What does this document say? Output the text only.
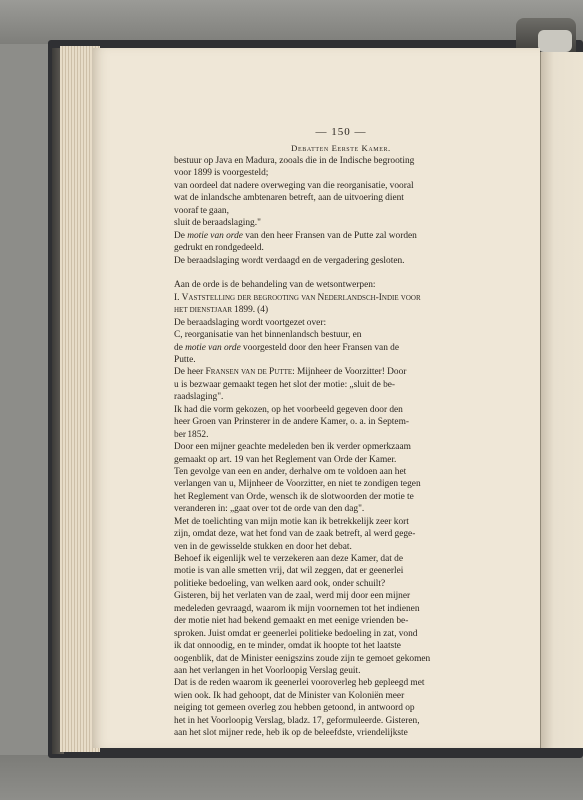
— 150 —
Debatten Eerste Kamer.
bestuur op Java en Madura, zooals die in de Indische begrooting
voor 1899 is voorgesteld;
van oordeel dat nadere overweging van die reorganisatie, vooral
wat de inlandsche ambtenaren betreft, aan de uitvoering dient
vooraf te gaan,
sluit de beraadslaging."
De motie van orde van den heer Fransen van de Putte zal worden
gedrukt en rondgedeeld.
De beraadslaging wordt verdaagd en de vergadering gesloten.
Aan de orde is de behandeling van de wetsontwerpen:
I. Vaststelling der begrooting van Nederlandsch-Indie voor
het dienstjaar 1899. (4)
De beraadslaging wordt voortgezet over:
C, reorganisatie van het binnenlandsch bestuur, en
de motie van orde voorgesteld door den heer Fransen van de
Putte.
De heer Fransen van de Putte: Mijnheer de Voorzitter! Door
u is bezwaar gemaakt tegen het slot der motie: „sluit de be-
raadslaging".
Ik had die vorm gekozen, op het voorbeeld gegeven door den
heer Groen van Prinsterer in de andere Kamer, o. a. in Septem-
ber 1852.
Door een mijner geachte medeleden ben ik verder opmerkzaam
gemaakt op art. 19 van het Reglement van Orde der Kamer.
Ten gevolge van een en ander, derhalve om te voldoen aan het
verlangen van u, Mijnheer de Voorzitter, en niet te zondigen tegen
het Reglement van Orde, wensch ik de slotwoorden der motie te
veranderen in: „gaat over tot de orde van den dag".
Met de toelichting van mijn motie kan ik betrekkelijk zeer kort
zijn, omdat deze, wat het fond van de zaak betreft, al werd gege-
ven in de gewisselde stukken en door het debat.
Behoef ik eigenlijk wel te verzekeren aan deze Kamer, dat de
motie is van alle smetten vrij, dat wil zeggen, dat er geenerlei
politieke bedoeling, van welken aard ook, onder schuilt?
Gisteren, bij het verlaten van de zaal, werd mij door een mijner
medeleden gevraagd, waarom ik mijn voornemen tot het indienen
der motie niet had bekend gemaakt en met eenige vrienden be-
sproken. Juist omdat er geenerlei politieke bedoeling in zat, vond
ik dat onnoodig, en te minder, omdat ik hoopte tot het laatste
oogenblik, dat de Minister eenigszins zoude zijn te gemoet gekomen
aan het verlangen in het Voorloopig Verslag geuit.
Dat is de reden waarom ik geenerlei vooroverleg heb gepleegd met
wien ook. Ik had gehoopt, dat de Minister van Koloniën meer
neiging tot gemeen overleg zou hebben getoond, in antwoord op
het in het Voorloopig Verslag, bladz. 17, geformuleerde. Gisteren,
aan het slot mijner rede, heb ik op de beleefdste, vriendelijkste
